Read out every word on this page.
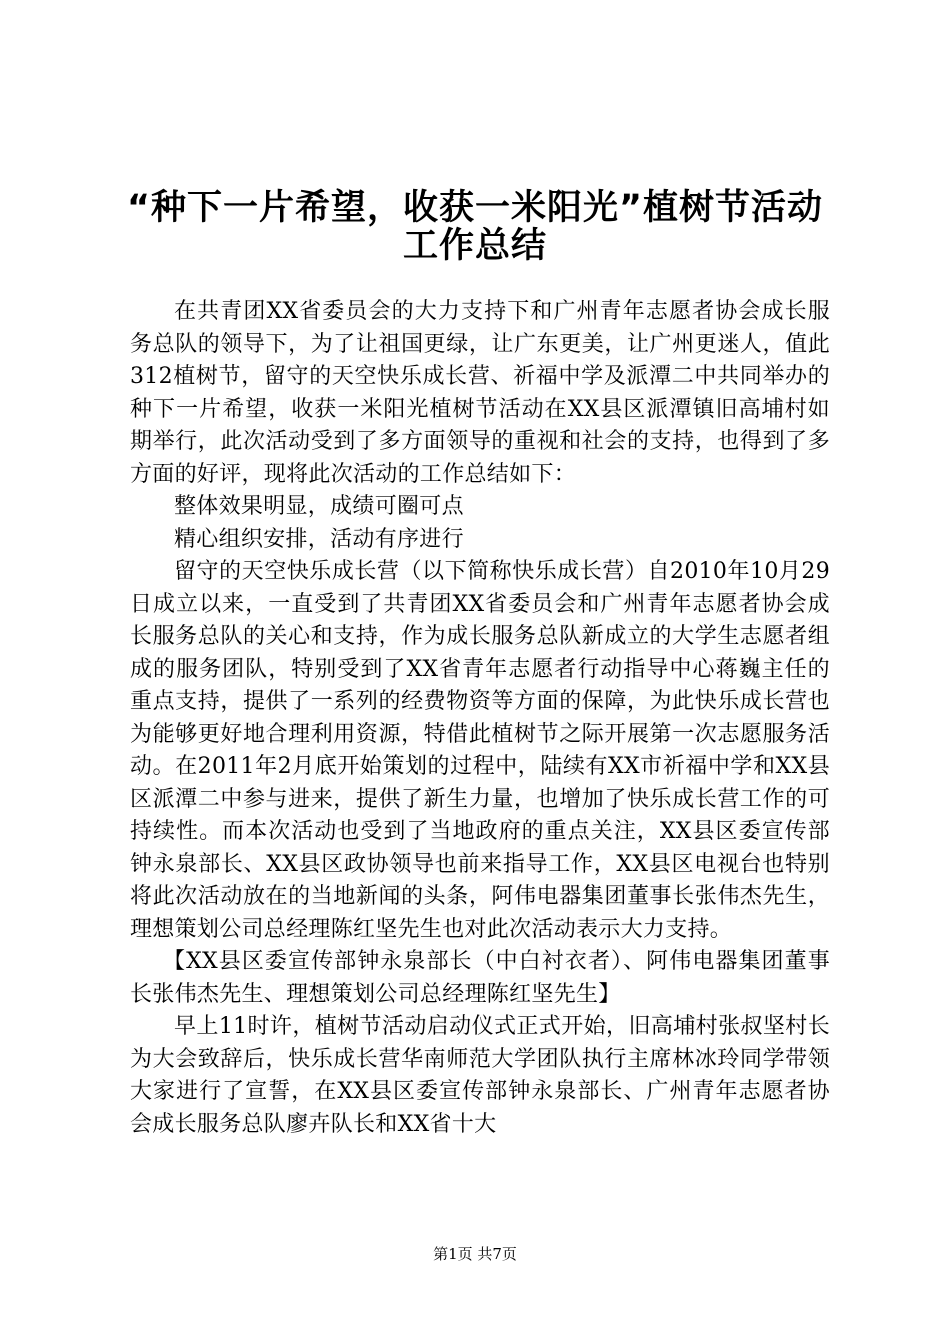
“种下一片希望，收获一米阳光”植树节活动
工作总结

在共青团XX省委员会的大力支持下和广州青年志愿者协会成长服务总队的领导下，为了让祖国更绿，让广东更美，让广州更迷人，值此312植树节，留守的天空快乐成长营、祈福中学及派潭二中共同举办的种下一片希望，收获一米阳光植树节活动在XX县区派潭镇旧高埔村如期举行，此次活动受到了多方面领导的重视和社会的支持，也得到了多方面的好评，现将此次活动的工作总结如下：

整体效果明显，成绩可圈可点

精心组织安排，活动有序进行

留守的天空快乐成长营（以下简称快乐成长营）自2010年10月29日成立以来，一直受到了共青团XX省委员会和广州青年志愿者协会成长服务总队的关心和支持，作为成长服务总队新成立的大学生志愿者组成的服务团队，特别受到了XX省青年志愿者行动指导中心蒋巍主任的重点支持，提供了一系列的经费物资等方面的保障，为此快乐成长营也为能够更好地合理利用资源，特借此植树节之际开展第一次志愿服务活动。在2011年2月底开始策划的过程中，陆续有XX市祈福中学和XX县区派潭二中参与进来，提供了新生力量，也增加了快乐成长营工作的可持续性。而本次活动也受到了当地政府的重点关注，XX县区委宣传部钟永泉部长、XX县区政协领导也前来指导工作，XX县区电视台也特别将此次活动放在的当地新闻的头条，阿伟电器集团董事长张伟杰先生，理想策划公司总经理陈红坚先生也对此次活动表示大力支持。

【XX县区委宣传部钟永泉部长（中白衬衣者）、阿伟电器集团董事长张伟杰先生、理想策划公司总经理陈红坚先生】

早上11时许，植树节活动启动仪式正式开始，旧高埔村张叔坚村长为大会致辞后，快乐成长营华南师范大学团队执行主席林冰玲同学带领大家进行了宣誓，在XX县区委宣传部钟永泉部长、广州青年志愿者协会成长服务总队廖卉队长和XX省十大

第1页 共7页
